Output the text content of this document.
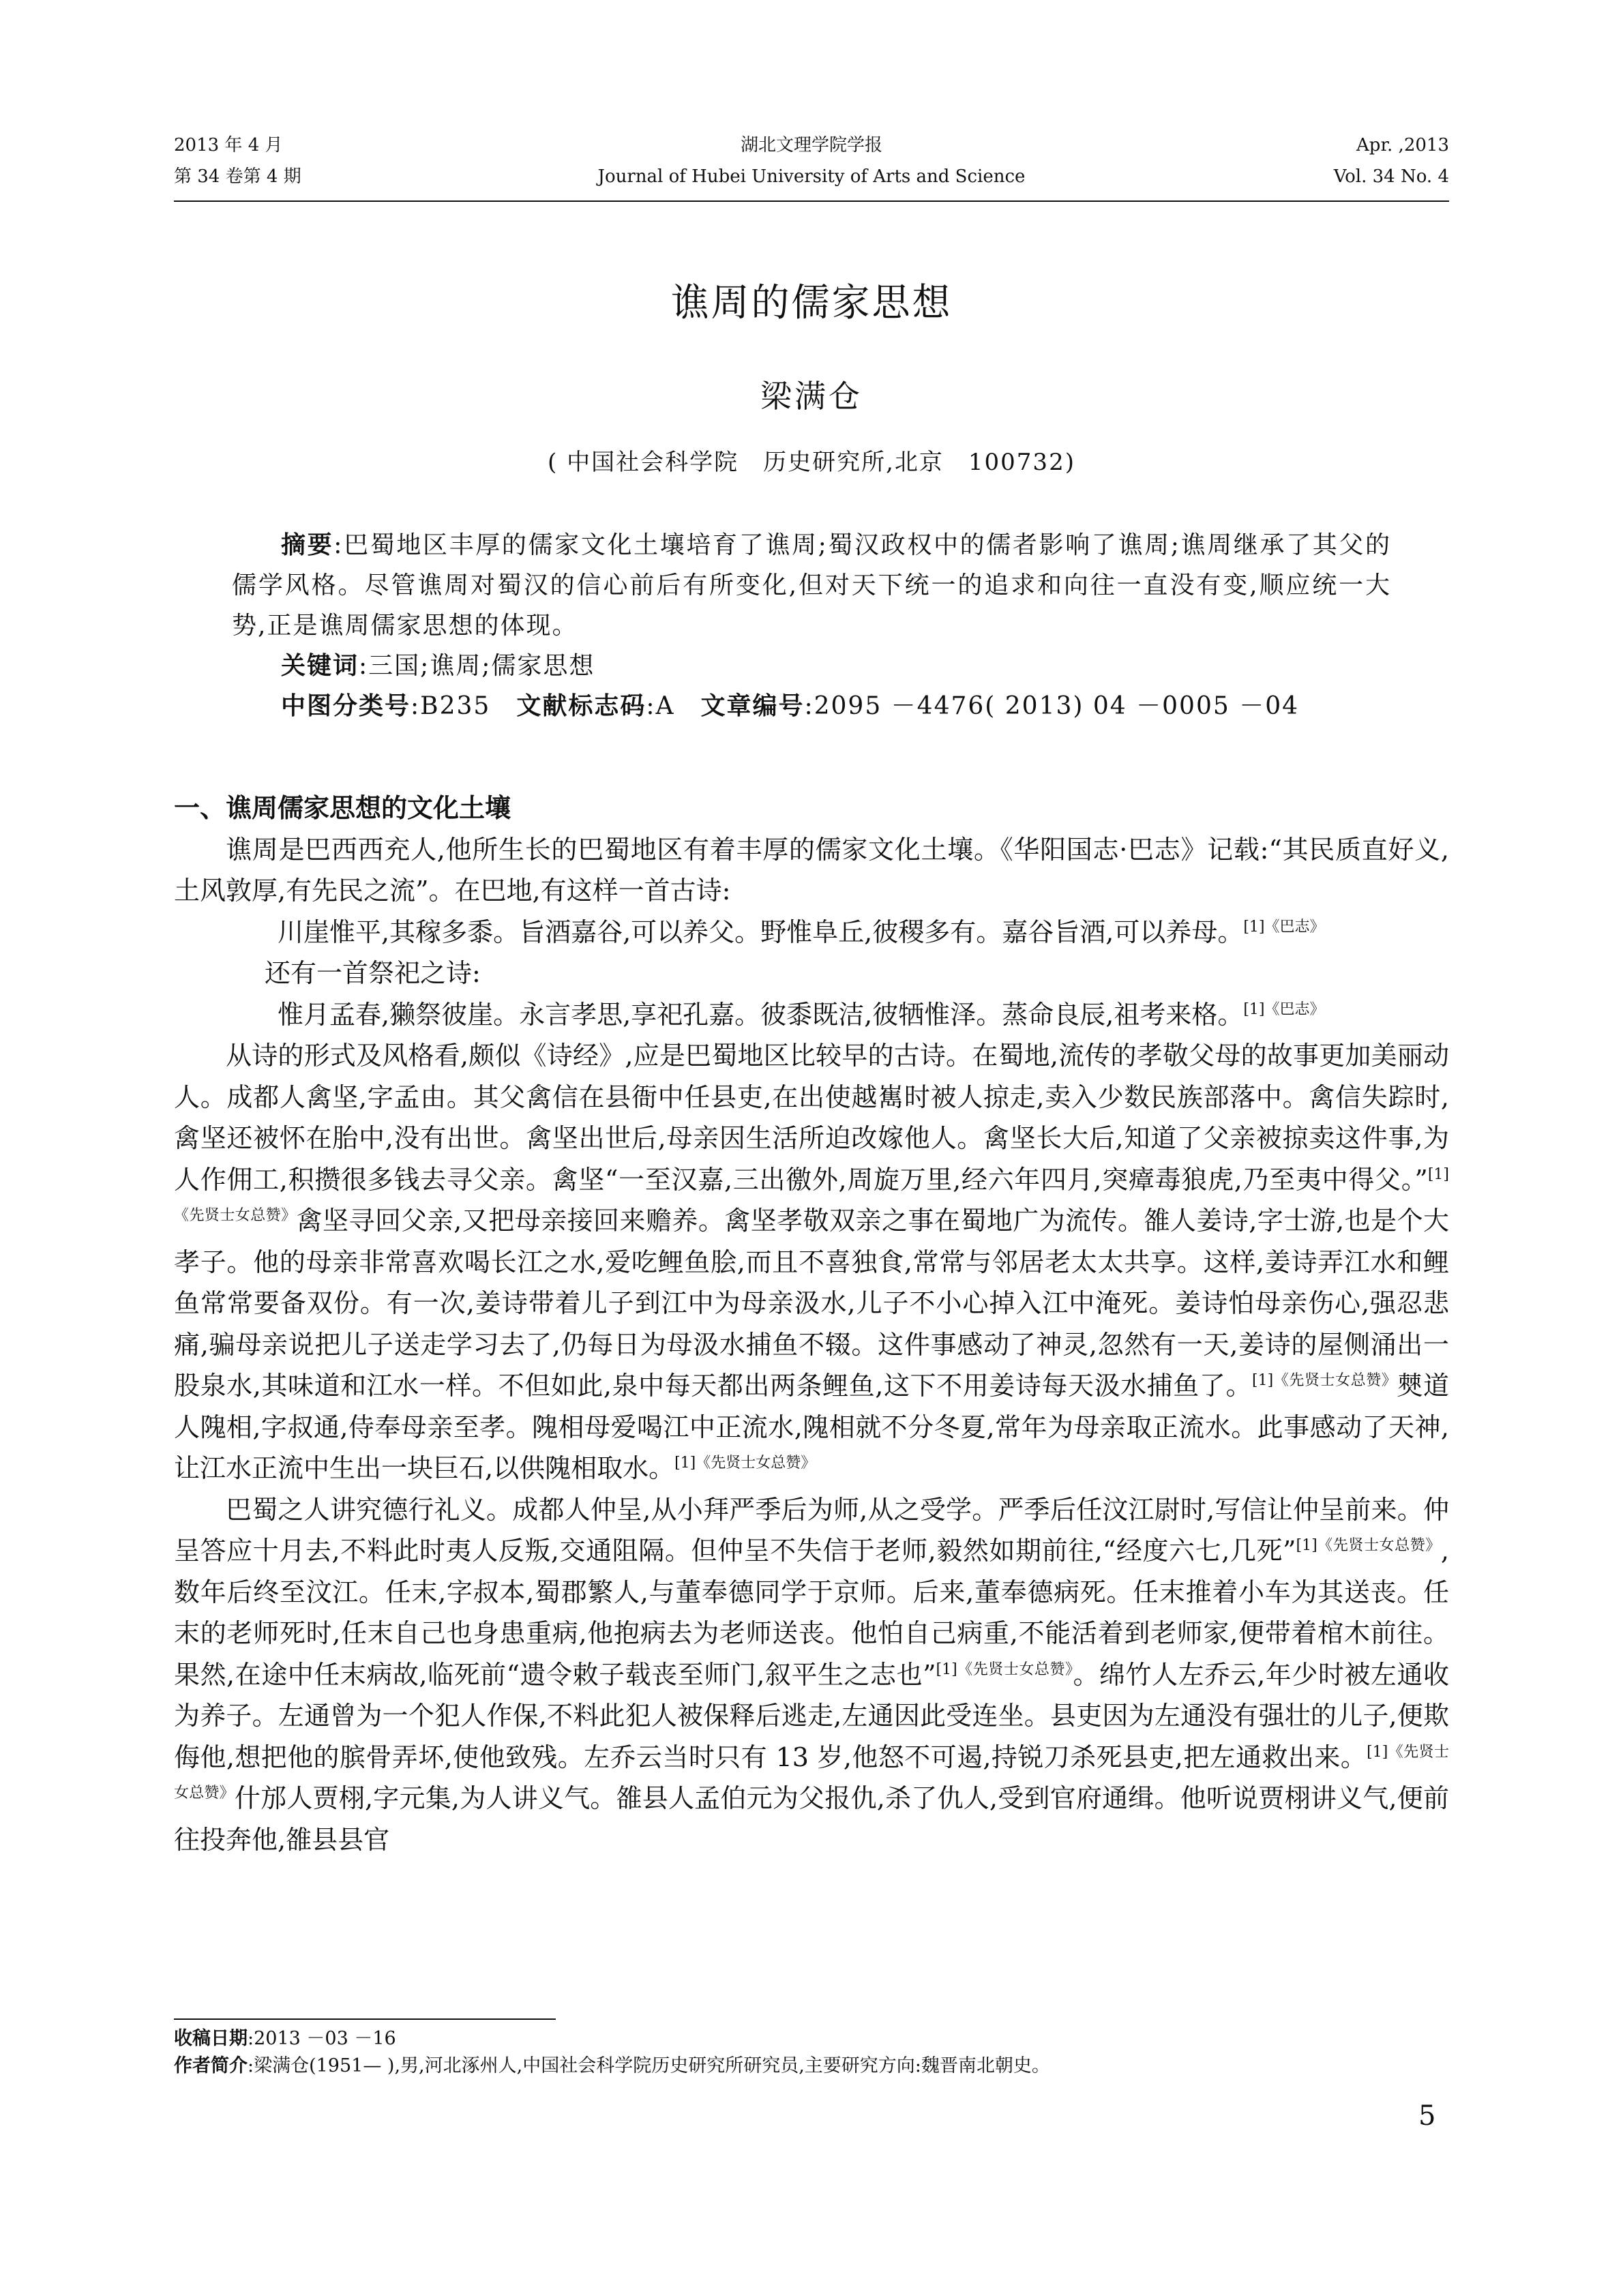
2013 年 4 月
第 34 卷第 4 期
湖北文理学院学报
Journal of Hubei University of Arts and Science
Apr. ,2013
Vol. 34 No. 4
谯周的儒家思想
梁满仓
( 中国社会科学院　历史研究所,北京　100732)

摘要:巴蜀地区丰厚的儒家文化土壤培育了谯周;蜀汉政权中的儒者影响了谯周;谯周继承了其父的儒学风格。尽管谯周对蜀汉的信心前后有所变化,但对天下统一的追求和向往一直没有变,顺应统一大势,正是谯周儒家思想的体现。

关键词:三国;谯周;儒家思想
中图分类号:B235  文献标志码:A  文章编号:2095 －4476( 2013) 04 －0005 －04
一、谯周儒家思想的文化土壤

谯周是巴西西充人,他所生长的巴蜀地区有着丰厚的儒家文化土壤。《华阳国志·巴志》记载:“其民质直好义,土风敦厚,有先民之流”。在巴地,有这样一首古诗:

川崖惟平,其稼多黍。旨酒嘉谷,可以养父。野惟阜丘,彼稷多有。嘉谷旨酒,可以养母。$^{[1]《巴志》}$

  还有一首祭祀之诗:

惟月孟春,獭祭彼崖。永言孝思,享祀孔嘉。彼黍既洁,彼牺惟泽。蒸命良辰,祖考来格。$^{[1]《巴志》}$

从诗的形式及风格看,颇似《诗经》,应是巴蜀地区比较早的古诗。在蜀地,流传的孝敬父母的故事更加美丽动人。成都人禽坚,字孟由。其父禽信在县衙中任县吏,在出使越嶲时被人掠走,卖入少数民族部落中。禽信失踪时,禽坚还被怀在胎中,没有出世。禽坚出世后,母亲因生活所迫改嫁他人。禽坚长大后,知道了父亲被掠卖这件事,为人作佣工,积攒很多钱去寻父亲。禽坚“一至汉嘉,三出徼外,周旋万里,经六年四月,突瘴毒狼虎,乃至夷中得父。”$^{[1]《先贤士女总赞》}$禽坚寻回父亲,又把母亲接回来赡养。禽坚孝敬双亲之事在蜀地广为流传。雒人姜诗,字士游,也是个大孝子。他的母亲非常喜欢喝长江之水,爱吃鲤鱼脍,而且不喜独食,常常与邻居老太太共享。这样,姜诗弄江水和鲤鱼常常要备双份。有一次,姜诗带着儿子到江中为母亲汲水,儿子不小心掉入江中淹死。姜诗怕母亲伤心,强忍悲痛,骗母亲说把儿子送走学习去了,仍每日为母汲水捕鱼不辍。这件事感动了神灵,忽然有一天,姜诗的屋侧涌出一股泉水,其味道和江水一样。不但如此,泉中每天都出两条鲤鱼,这下不用姜诗每天汲水捕鱼了。$^{[1]《先贤士女总赞》}$僰道人隗相,字叔通,侍奉母亲至孝。隗相母爱喝江中正流水,隗相就不分冬夏,常年为母亲取正流水。此事感动了天神,让江水正流中生出一块巨石,以供隗相取水。$^{[1]《先贤士女总赞》}$

巴蜀之人讲究德行礼义。成都人仲呈,从小拜严季后为师,从之受学。严季后任汶江尉时,写信让仲呈前来。仲呈答应十月去,不料此时夷人反叛,交通阻隔。但仲呈不失信于老师,毅然如期前往,“经度六七,几死”$^{[1]《先贤士女总赞》}$,数年后终至汶江。任末,字叔本,蜀郡繁人,与董奉德同学于京师。后来,董奉德病死。任末推着小车为其送丧。任末的老师死时,任末自己也身患重病,他抱病去为老师送丧。他怕自己病重,不能活着到老师家,便带着棺木前往。果然,在途中任末病故,临死前“遗令敕子载丧至师门,叙平生之志也”$^{[1]《先贤士女总赞》}$。绵竹人左乔云,年少时被左通收为养子。左通曾为一个犯人作保,不料此犯人被保释后逃走,左通因此受连坐。县吏因为左通没有强壮的儿子,便欺侮他,想把他的膑骨弄坏,使他致残。左乔云当时只有 13 岁,他怒不可遏,持锐刀杀死县吏,把左通救出来。$^{[1]《先贤士女总赞》}$什邡人贾栩,字元集,为人讲义气。雒县人孟伯元为父报仇,杀了仇人,受到官府通缉。他听说贾栩讲义气,便前往投奔他,雒县县官

收稿日期:2013 －03 －16
作者简介:梁满仓(1951— ),男,河北涿州人,中国社会科学院历史研究所研究员,主要研究方向:魏晋南北朝史。
5
